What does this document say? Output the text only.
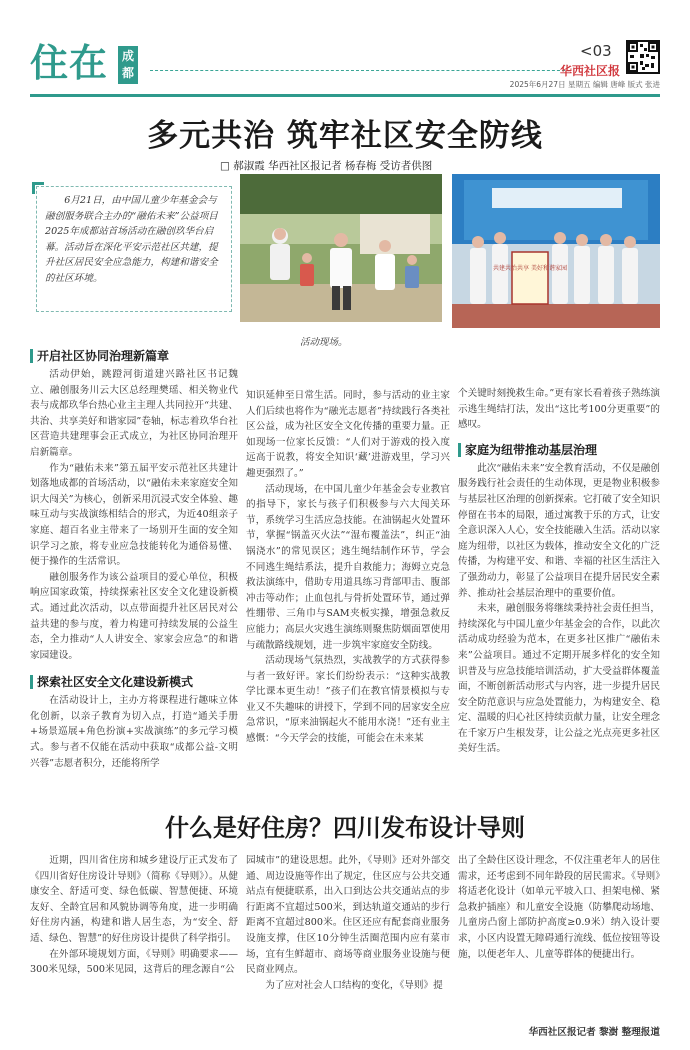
住在	成都
<03
华西社区报
2025年6月27日 星期五 编辑 唐峰 版式 张进
多元共治 筑牢社区安全防线
□ 郝淑霞 华西社区报记者 杨春梅 受访者供图
6月21日，由中国儿童少年基金会与融创服务联合主办的“融佑未来”公益项目2025年成都站首场活动在融创玖华台启幕。活动旨在深化平安示范社区共建，提升社区居民安全应急能力，构建和谐安全的社区环境。
共建共治共享 美好和谐家园
活动现场。
开启社区协同治理新篇章

活动伊始，跳蹬河街道建兴路社区书记魏立、融创服务川云大区总经理樊瑶、相关物业代表与成都玖华台热心业主主理人共同拉开“共建、共治、共享美好和谐家园”卷轴，标志着玖华台社区营造共建理事会正式成立，为社区协同治理开启新篇章。

作为“融佑未来”第五届平安示范社区共建计划落地成都的首场活动，以“融佑未来家庭安全知识大闯关”为核心，创新采用沉浸式安全体验、趣味互动与实战演练相结合的形式，为近40组亲子家庭、超百名业主带来了一场别开生面的安全知识学习之旅，将专业应急技能转化为通俗易懂、便于操作的生活常识。

融创服务作为该公益项目的爱心单位，积极响应国家政策，持续探索社区安全文化建设新模式。通过此次活动，以点带面提升社区居民对公益共建的参与度，着力构建可持续发展的公益生态，全力推动“人人讲安全、家家会应急”的和谐家园建设。

探索社区安全文化建设新模式

在活动设计上，主办方将课程进行趣味立体化创新，以亲子教育为切入点，打造“通关手册+场景巡展+角色扮演+实战演练”的多元学习模式。参与者不仅能在活动中获取“成都公益-文明兴蓉”志愿者积分，还能将所学

知识延伸至日常生活。同时，参与活动的业主家人们后续也将作为“融光志愿者”持续践行各类社区公益，成为社区安全文化传播的重要力量。正如现场一位家长反馈：“人们对于游戏的投入度远高于说教，将安全知识‘藏’进游戏里，学习兴趣更强烈了。”

活动现场，在中国儿童少年基金会专业教官的指导下，家长与孩子们积极参与六大闯关环节，系统学习生活应急技能。在油锅起火处置环节，掌握“锅盖灭火法”“湿布覆盖法”，纠正“油锅浇水”的常见误区；逃生绳结制作环节，学会不同逃生绳结系法，提升自救能力；海姆立克急救法演练中，借助专用道具练习背部叩击、腹部冲击等动作；止血包扎与骨折处置环节，通过弹性绷带、三角巾与SAM夹板实操，增强急救反应能力；高层火灾逃生演练则聚焦防烟面罩使用与疏散路线规划，进一步筑牢家庭安全防线。

活动现场气氛热烈，实战教学的方式获得参与者一致好评。家长们纷纷表示：“这种实战教学比课本更生动！”孩子们在教官情景模拟与专业又不失趣味的讲授下，学到不同的居家安全应急常识，“原来油锅起火不能用水浇！”还有业主感慨：“今天学会的技能，可能会在未来某

个关键时刻挽救生命。”更有家长看着孩子熟练演示逃生绳结打法，发出“这比考100分更重要”的感叹。

家庭为纽带推动基层治理

此次“融佑未来”安全教育活动，不仅是融创服务践行社会责任的生动体现，更是物业积极参与基层社区治理的创新探索。它打破了安全知识停留在书本的局限，通过寓教于乐的方式，让安全意识深入人心，安全技能融入生活。活动以家庭为纽带，以社区为载体，推动安全文化的广泛传播，为构建平安、和谐、幸福的社区生活注入了强劲动力，彰显了公益项目在提升居民安全素养、推动社会基层治理中的重要价值。

未来，融创服务将继续秉持社会责任担当，持续深化与中国儿童少年基金会的合作，以此次活动成功经验为范本，在更多社区推广“融佑未来”公益项目。通过不定期开展多样化的安全知识普及与应急技能培训活动，扩大受益群体覆盖面，不断创新活动形式与内容，进一步提升居民安全防范意识与应急处置能力，为构建安全、稳定、温暖的归心社区持续贡献力量，让安全理念在千家万户生根发芽，让公益之光点亮更多社区美好生活。

什么是好住房？四川发布设计导则

近期，四川省住房和城乡建设厅正式发布了《四川省好住房设计导则》（简称《导则》）。从健康安全、舒适可变、绿色低碳、智慧便捷、环境友好、全龄宜居和风貌协调等角度，进一步明确好住房内涵，构建和谐人居生态，为“安全、舒适、绿色、智慧”的好住房设计提供了科学指引。

在外部环境规划方面，《导则》明确要求——300米见绿，500米见园，这背后的理念源自“公

园城市”的建设思想。此外，《导则》还对外部交通、周边设施等作出了规定，住区应与公共交通站点有便捷联系，出入口到达公共交通站点的步行距离不宜超过500米，到达轨道交通站的步行距离不宜超过800米。住区还应有配套商业服务设施支撑，住区10分钟生活圈范围内应有菜市场，宜有生鲜超市、商场等商业服务业设施与便民商业网点。

为了应对社会人口结构的变化，《导则》提

出了全龄住区设计理念，不仅注重老年人的居住需求，还考虑到不同年龄段的居民需求。《导则》将适老化设计（如单元平坡入口、担架电梯、紧急救护插座）和儿童安全设施（防攀爬动场地、儿童房凸窗上部防护高度≥0.9米）纳入设计要求，小区内设置无障碍通行流线、低位按钮等设施，以便老年人、儿童等群体的便捷出行。

华西社区报记者 黎澍 整理报道
